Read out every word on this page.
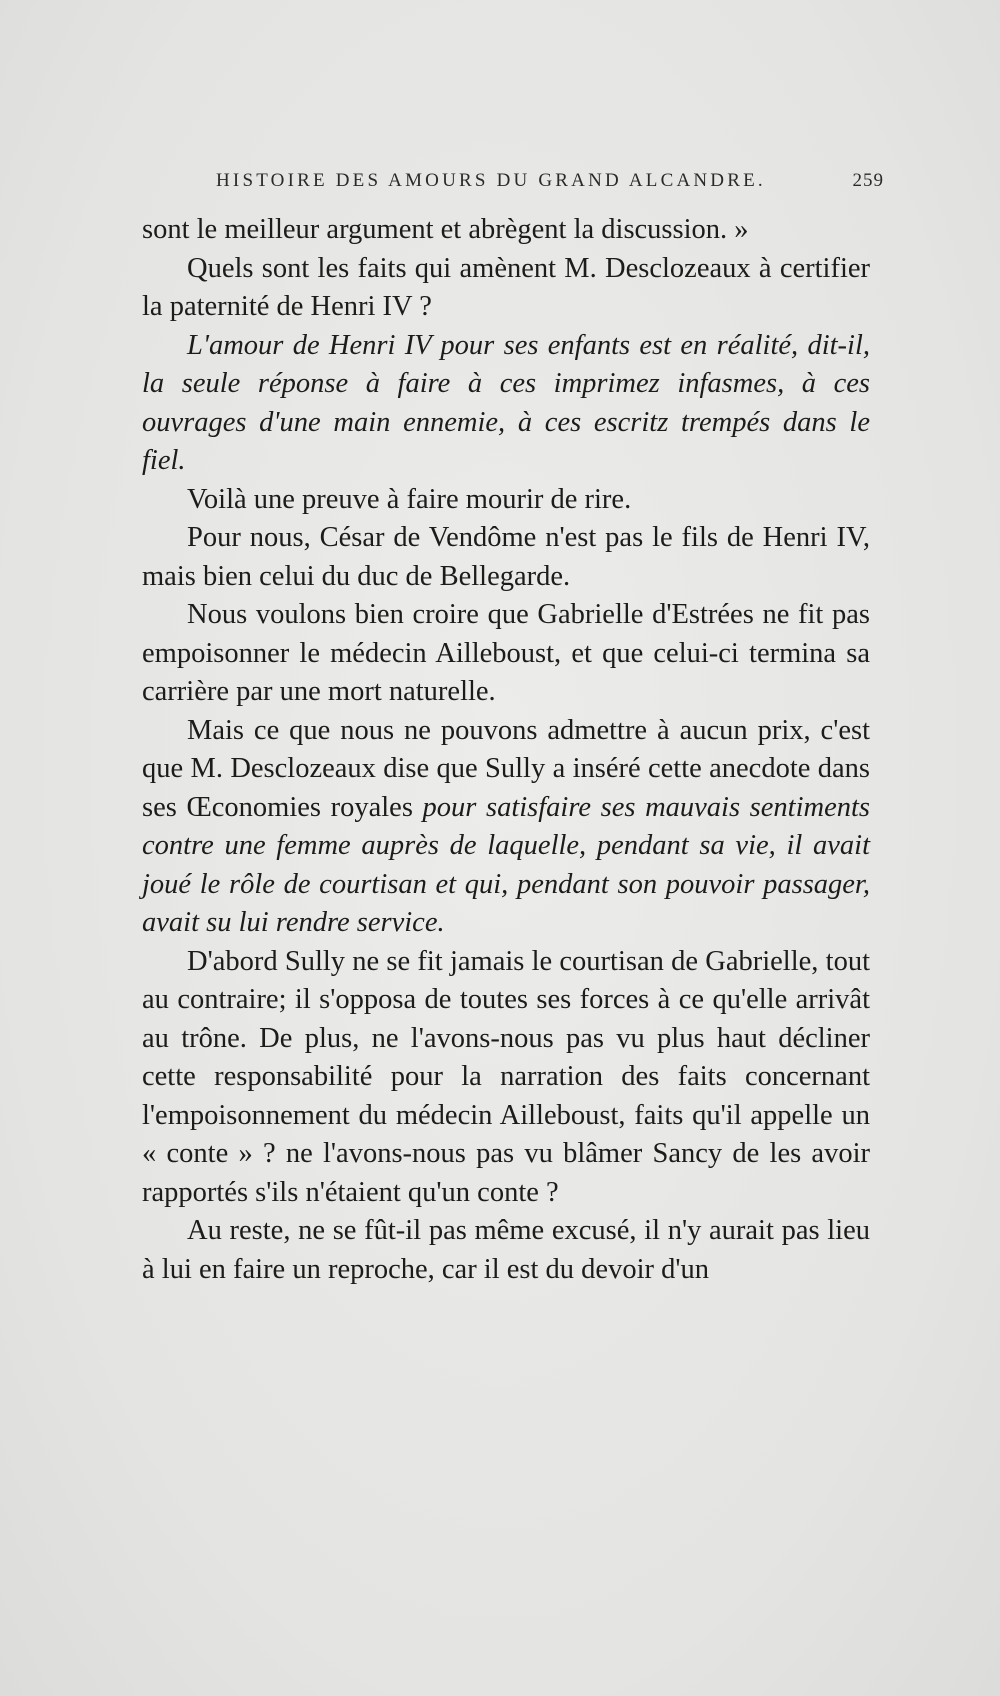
HISTOIRE DES AMOURS DU GRAND ALCANDRE.	259

sont le meilleur argument et abrègent la discussion. »

Quels sont les faits qui amènent M. Desclozeaux à certifier la paternité de Henri IV ?

L'amour de Henri IV pour ses enfants est en réalité, dit-il, la seule réponse à faire à ces imprimez infasmes, à ces ouvrages d'une main ennemie, à ces escritz trempés dans le fiel.

Voilà une preuve à faire mourir de rire.

Pour nous, César de Vendôme n'est pas le fils de Henri IV, mais bien celui du duc de Bellegarde.

Nous voulons bien croire que Gabrielle d'Estrées ne fit pas empoisonner le médecin Ailleboust, et que celui-ci termina sa carrière par une mort naturelle.

Mais ce que nous ne pouvons admettre à aucun prix, c'est que M. Desclozeaux dise que Sully a inséré cette anecdote dans ses Œconomies royales pour satisfaire ses mauvais sentiments contre une femme auprès de laquelle, pendant sa vie, il avait joué le rôle de courtisan et qui, pendant son pouvoir passager, avait su lui rendre service.

D'abord Sully ne se fit jamais le courtisan de Gabrielle, tout au contraire; il s'opposa de toutes ses forces à ce qu'elle arrivât au trône. De plus, ne l'avons-nous pas vu plus haut décliner cette responsabilité pour la narration des faits concernant l'empoisonnement du médecin Ailleboust, faits qu'il appelle un « conte » ? ne l'avons-nous pas vu blâmer Sancy de les avoir rapportés s'ils n'étaient qu'un conte ?

Au reste, ne se fût-il pas même excusé, il n'y aurait pas lieu à lui en faire un reproche, car il est du devoir d'un
